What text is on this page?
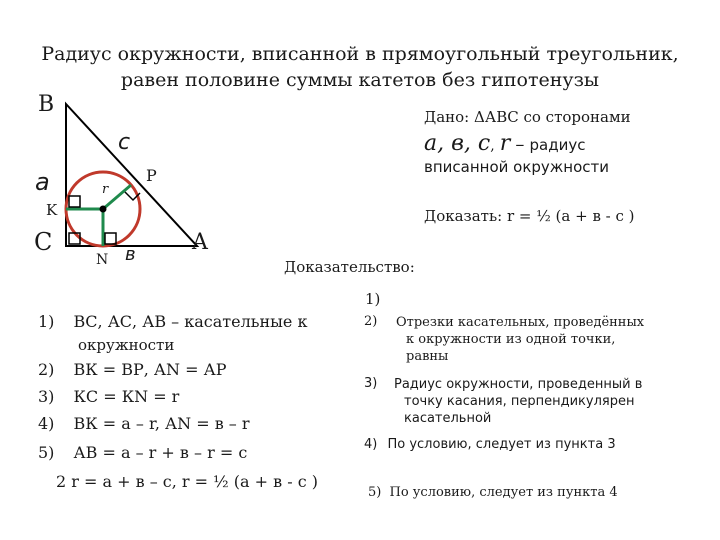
Радиус окружности, вписанной в прямоугольный треугольник,
равен половине суммы катетов без гипотенузы
B
c
a	P
r
K
C
N в	A
Дано: ΔАВС со сторонами
а, в, с, r – радиус
вписанной окружности
Доказать: r = ½ (а + в - с )
Доказательство:
1) ВС, АС, АВ – касательные к
окружности
2) ВК = ВР, АN = АР
3) КС = КN = r
4) ВК = а – r, АN = в – r
5) АВ = а – r + в – r = с
2 r = а + в – с, r = ½ (а + в - с )
1)
2) Отрезки касательных, проведённых
к окружности из одной точки,
равны
3) Радиус окружности, проведенный в
точку касания, перпендикулярен
касательной
4) По условию, следует из пункта 3
5) По условию, следует из пункта 4
